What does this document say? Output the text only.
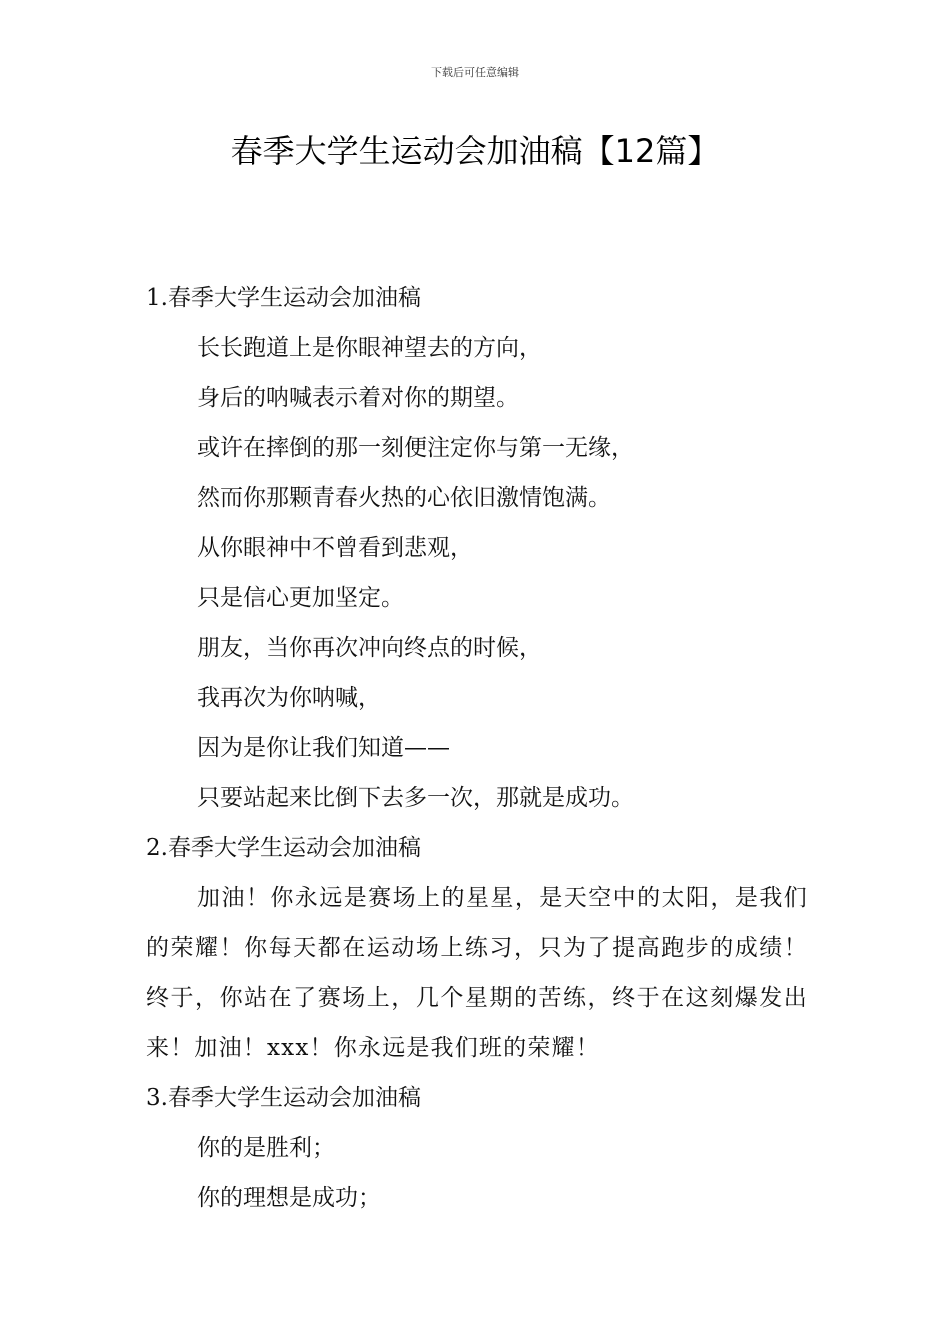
下载后可任意编辑
春季大学生运动会加油稿【12篇】

1.春季大学生运动会加油稿

长长跑道上是你眼神望去的方向，

身后的呐喊表示着对你的期望。

或许在摔倒的那一刻便注定你与第一无缘，

然而你那颗青春火热的心依旧激情饱满。

从你眼神中不曾看到悲观，

只是信心更加坚定。

朋友，当你再次冲向终点的时候，

我再次为你呐喊，

因为是你让我们知道——

只要站起来比倒下去多一次，那就是成功。

2.春季大学生运动会加油稿

加油！你永远是赛场上的星星，是天空中的太阳，是我们的荣耀！你每天都在运动场上练习，只为了提高跑步的成绩！终于，你站在了赛场上，几个星期的苦练，终于在这刻爆发出来！加油！xxx！你永远是我们班的荣耀！

3.春季大学生运动会加油稿

你的是胜利；

你的理想是成功；
